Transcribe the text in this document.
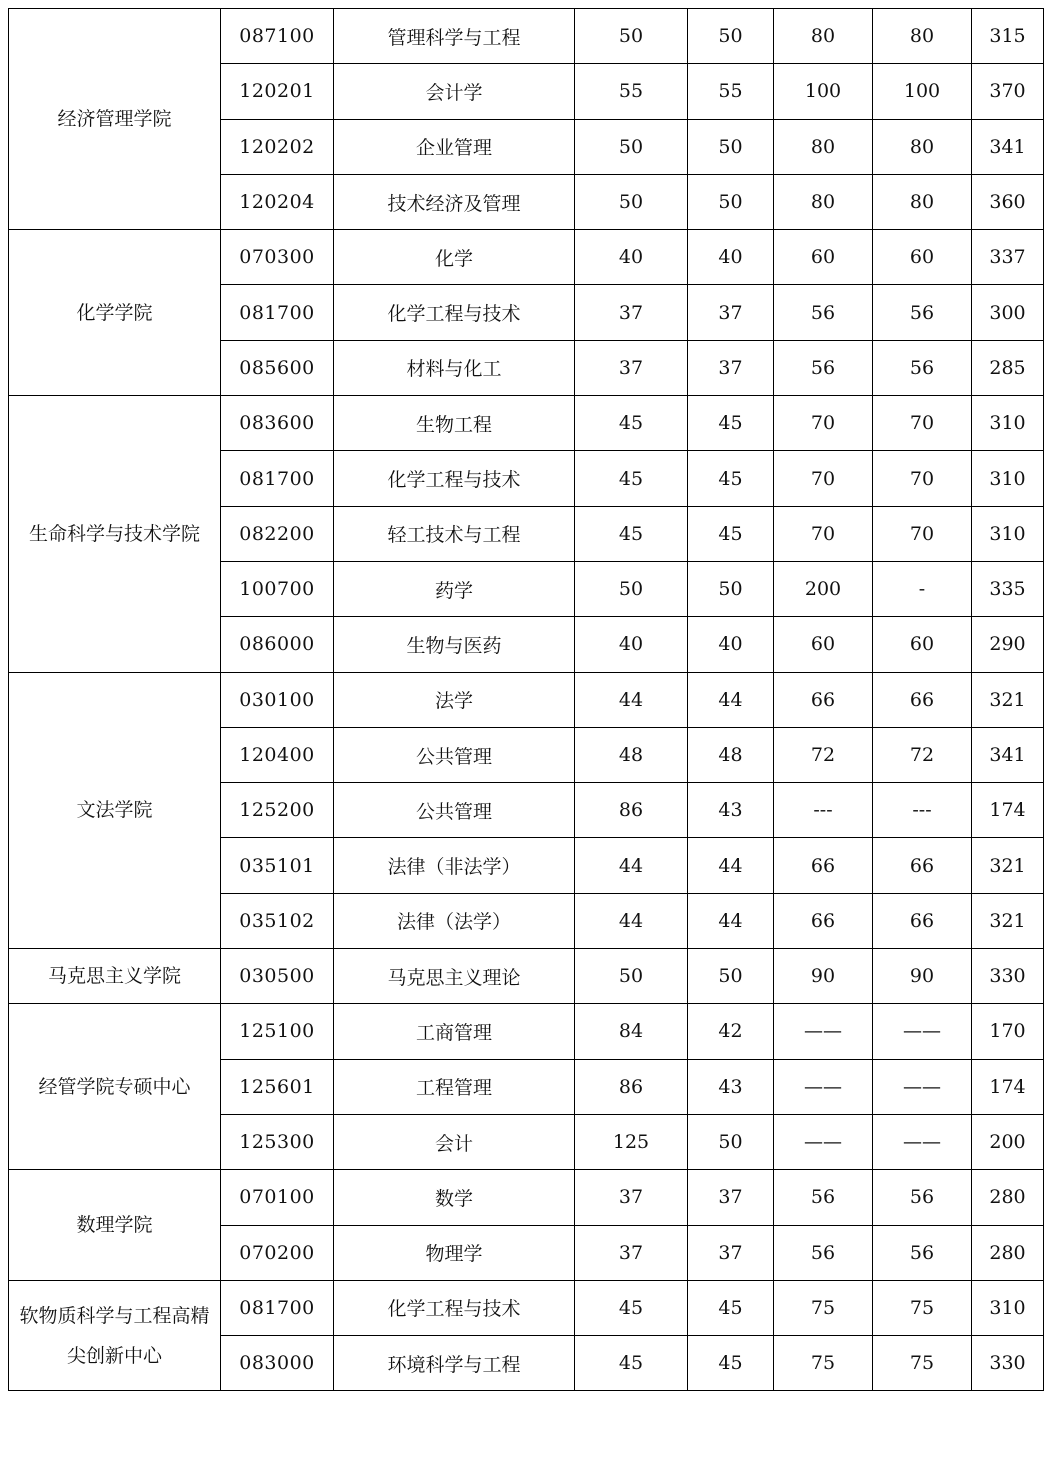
经济管理学院	087100	管理科学与工程	50	50	80	80	315
	120201	会计学	55	55	100	100	370
	120202	企业管理	50	50	80	80	341
	120204	技术经济及管理	50	50	80	80	360
化学学院	070300	化学	40	40	60	60	337
	081700	化学工程与技术	37	37	56	56	300
	085600	材料与化工	37	37	56	56	285
生命科学与技术学院	083600	生物工程	45	45	70	70	310
	081700	化学工程与技术	45	45	70	70	310
	082200	轻工技术与工程	45	45	70	70	310
	100700	药学	50	50	200	-	335
	086000	生物与医药	40	40	60	60	290
文法学院	030100	法学	44	44	66	66	321
	120400	公共管理	48	48	72	72	341
	125200	公共管理	86	43	---	---	174
	035101	法律（非法学）	44	44	66	66	321
	035102	法律（法学）	44	44	66	66	321
马克思主义学院	030500	马克思主义理论	50	50	90	90	330
经管学院专硕中心	125100	工商管理	84	42	——	——	170
	125601	工程管理	86	43	——	——	174
	125300	会计	125	50	——	——	200
数理学院	070100	数学	37	37	56	56	280
	070200	物理学	37	37	56	56	280
软物质科学与工程高精尖创新中心	081700	化学工程与技术	45	45	75	75	310
	083000	环境科学与工程	45	45	75	75	330
